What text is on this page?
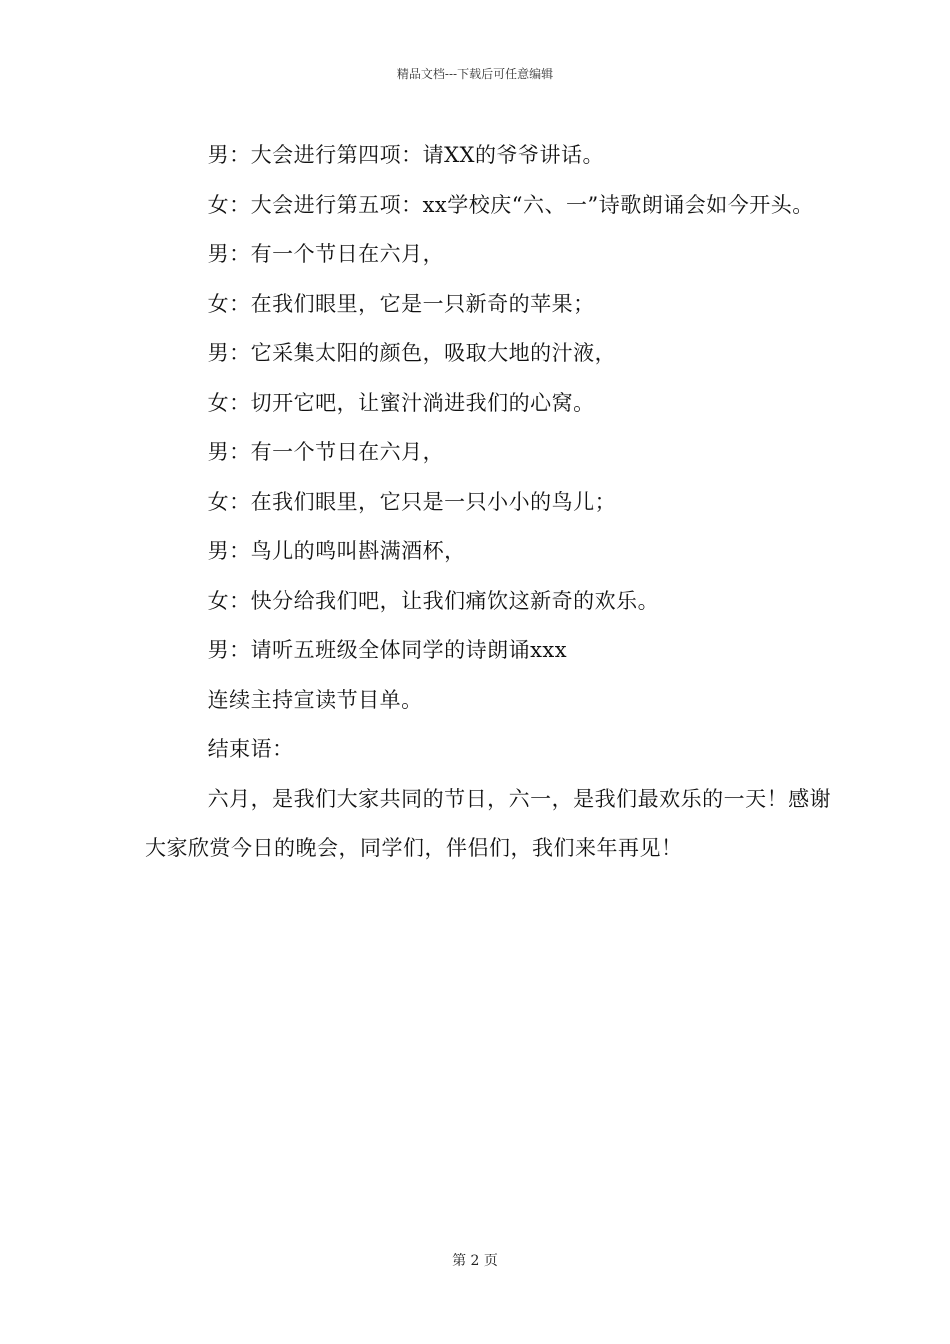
精品文档---下载后可任意编辑

男：大会进行第四项：请XX的爷爷讲话。

女：大会进行第五项：xx学校庆“六、一”诗歌朗诵会如今开头。

男：有一个节日在六月，

女：在我们眼里，它是一只新奇的苹果；

男：它采集太阳的颜色，吸取大地的汁液，

女：切开它吧，让蜜汁淌进我们的心窝。

男：有一个节日在六月，

女：在我们眼里，它只是一只小小的鸟儿；

男：鸟儿的鸣叫斟满酒杯，

女：快分给我们吧，让我们痛饮这新奇的欢乐。

男：请听五班级全体同学的诗朗诵xxx

连续主持宣读节目单。

结束语：

六月，是我们大家共同的节日，六一，是我们最欢乐的一天！感谢大家欣赏今日的晚会，同学们，伴侣们，我们来年再见！

第 2 页
